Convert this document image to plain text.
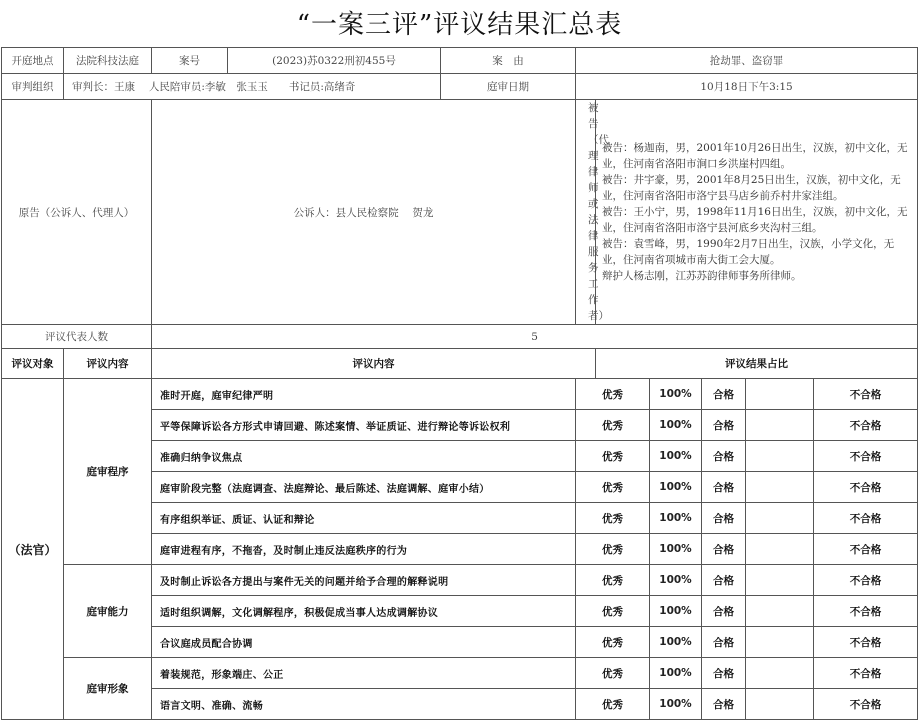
“一案三评”评议结果汇总表
开庭地点	法院科技法庭	案号	(2023)苏0322刑初455号	案　由	抢劫罪、盗窃罪						
审判组织	审判长：王康　 人民陪审员:李敏　张玉玉　　书记员:高绪奇			庭审日期	10月18日下午3:15						
原告（公诉人、代理人）		公诉人：县人民检察院　 贺龙			被告（代理律师或法律服务工作者）	被告：杨迦南，男，2001年10月26日出生，汉族，初中文化，无业，住河南省洛阳市涧口乡洪崖村四组。
被告：井宇豪，男，2001年8月25日出生，汉族，初中文化，无业，住河南省洛阳市洛宁县马店乡前乔村井家洼组。
被告：王小宁，男，1998年11月16日出生，汉族，初中文化，无业，住河南省洛阳市洛宁县河底乡夹沟村三组。
被告：袁雪峰，男，1990年2月7日出生，汉族，小学文化，无业，住河南省项城市南大街工会大厦。
辩护人杨志刚，江苏苏韵律师事务所律师。					

评议代表人数		5									
评议对象	评议内容	评议内容				评议结果占比					
（法官）	庭审程序	准时开庭，庭审纪律严明			优秀		100%	合格		不合格	
		平等保障诉讼各方形式申请回避、陈述案情、举证质证、进行辩论等诉讼权利			优秀		100%	合格		不合格	
		准确归纳争议焦点			优秀		100%	合格		不合格	
		庭审阶段完整（法庭调查、法庭辩论、最后陈述、法庭调解、庭审小结）			优秀		100%	合格		不合格	
		有序组织举证、质证、认证和辩论			优秀		100%	合格		不合格	
		庭审进程有序，不拖沓，及时制止违反法庭秩序的行为			优秀		100%	合格		不合格	
	庭审能力	及时制止诉讼各方提出与案件无关的问题并给予合理的解释说明			优秀		100%	合格		不合格	
		适时组织调解，文化调解程序，积极促成当事人达成调解协议			优秀		100%	合格		不合格	
		合议庭成员配合协调			优秀		100%	合格		不合格	
	庭审形象	着装规范，形象端庄、公正			优秀		100%	合格		不合格	
		语言文明、准确、流畅			优秀		100%	合格		不合格	
